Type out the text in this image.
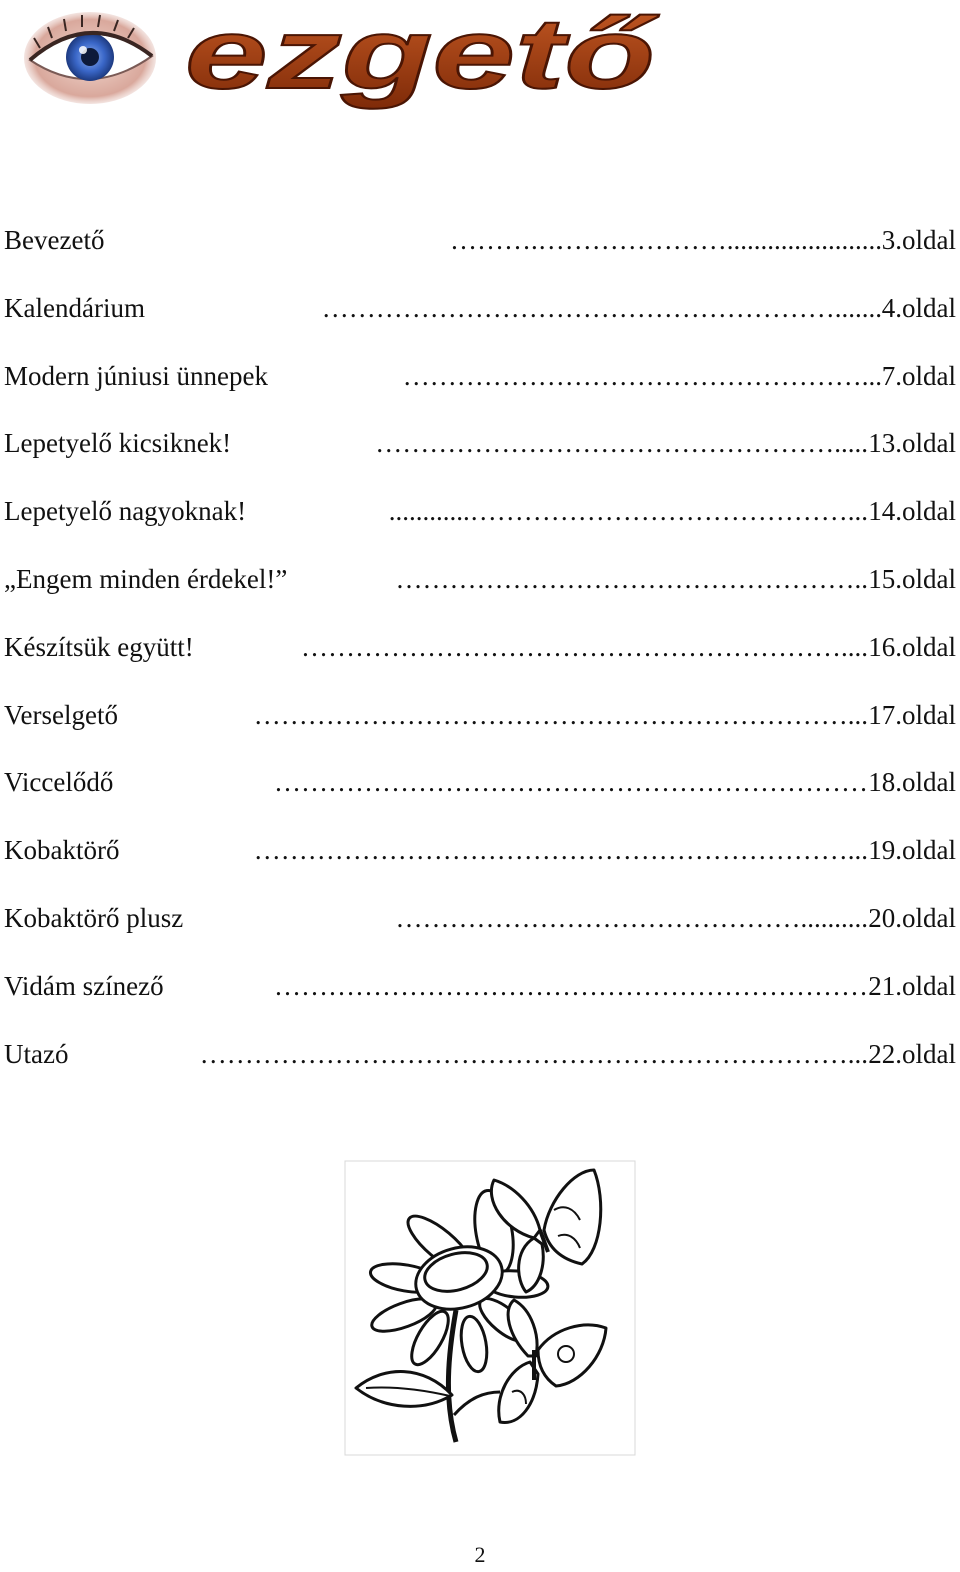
ezgető
Bevezető	……….…………………....................... 3.oldal
Kalendárium	…………………………………………………....... 4.oldal
Modern júniusi ünnepek	……………………………………………... 7.oldal
Lepetyelő kicsiknek!	……………………………………………..... 13.oldal
Lepetyelő nagyoknak!	............……………………………………... 14.oldal
„Engem minden érdekel!”	…………………………………………….. 15.oldal
Készítsük együtt!	…………………………………………………….... 16.oldal
Verselgető	…………………………………………………………... 17.oldal
Viccelődő	………………………………………………………… 18.oldal
Kobaktörő	…………………………………………………………... 19.oldal
Kobaktörő plusz	……………………………………….......... 20.oldal
Vidám színező	………………………………………………………… 21.oldal
Utazó	………………………………………………………………... 22.oldal
2
